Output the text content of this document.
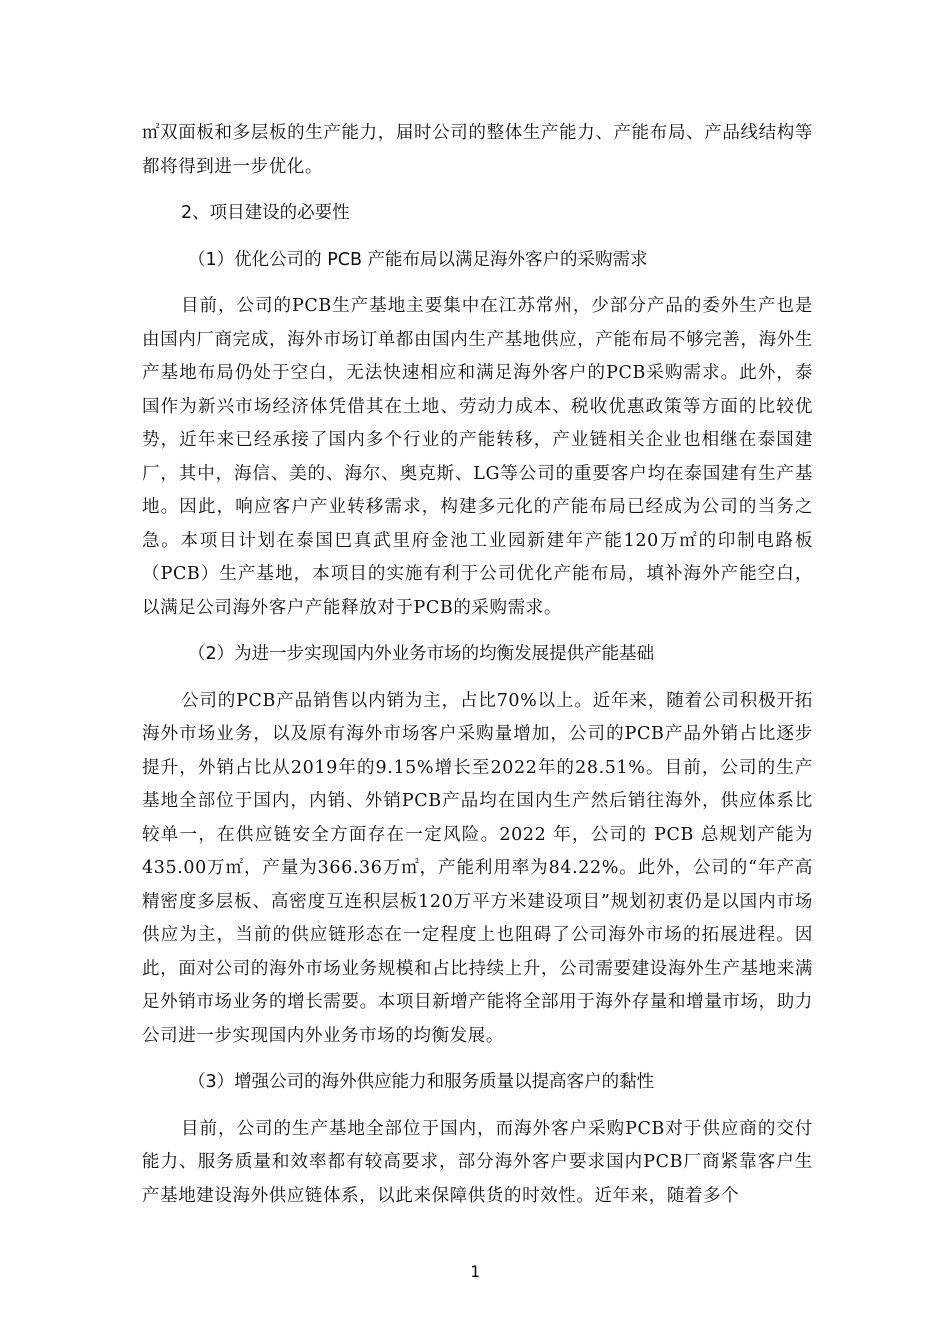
㎡双面板和多层板的生产能力，届时公司的整体生产能力、产能布局、产品线结构等都将得到进一步优化。

2、项目建设的必要性

（1）优化公司的 PCB 产能布局以满足海外客户的采购需求

目前，公司的PCB生产基地主要集中在江苏常州，少部分产品的委外生产也是由国内厂商完成，海外市场订单都由国内生产基地供应，产能布局不够完善，海外生产基地布局仍处于空白，无法快速相应和满足海外客户的PCB采购需求。此外，泰国作为新兴市场经济体凭借其在土地、劳动力成本、税收优惠政策等方面的比较优势，近年来已经承接了国内多个行业的产能转移，产业链相关企业也相继在泰国建厂，其中，海信、美的、海尔、奥克斯、LG等公司的重要客户均在泰国建有生产基地。因此，响应客户产业转移需求，构建多元化的产能布局已经成为公司的当务之急。本项目计划在泰国巴真武里府金池工业园新建年产能120万㎡的印制电路板（PCB）生产基地，本项目的实施有利于公司优化产能布局，填补海外产能空白，以满足公司海外客户产能释放对于PCB的采购需求。

（2）为进一步实现国内外业务市场的均衡发展提供产能基础

公司的PCB产品销售以内销为主，占比70%以上。近年来，随着公司积极开拓海外市场业务，以及原有海外市场客户采购量增加，公司的PCB产品外销占比逐步提升，外销占比从2019年的9.15%增长至2022年的28.51%。目前，公司的生产基地全部位于国内，内销、外销PCB产品均在国内生产然后销往海外，供应体系比较单一，在供应链安全方面存在一定风险。2022 年，公司的 PCB 总规划产能为435.00万㎡，产量为366.36万㎡，产能利用率为84.22%。此外，公司的“年产高精密度多层板、高密度互连积层板120万平方米建设项目”规划初衷仍是以国内市场供应为主，当前的供应链形态在一定程度上也阻碍了公司海外市场的拓展进程。因此，面对公司的海外市场业务规模和占比持续上升，公司需要建设海外生产基地来满足外销市场业务的增长需要。本项目新增产能将全部用于海外存量和增量市场，助力公司进一步实现国内外业务市场的均衡发展。

（3）增强公司的海外供应能力和服务质量以提高客户的黏性

目前，公司的生产基地全部位于国内，而海外客户采购PCB对于供应商的交付能力、服务质量和效率都有较高要求，部分海外客户要求国内PCB厂商紧靠客户生产基地建设海外供应链体系，以此来保障供货的时效性。近年来，随着多个

1
